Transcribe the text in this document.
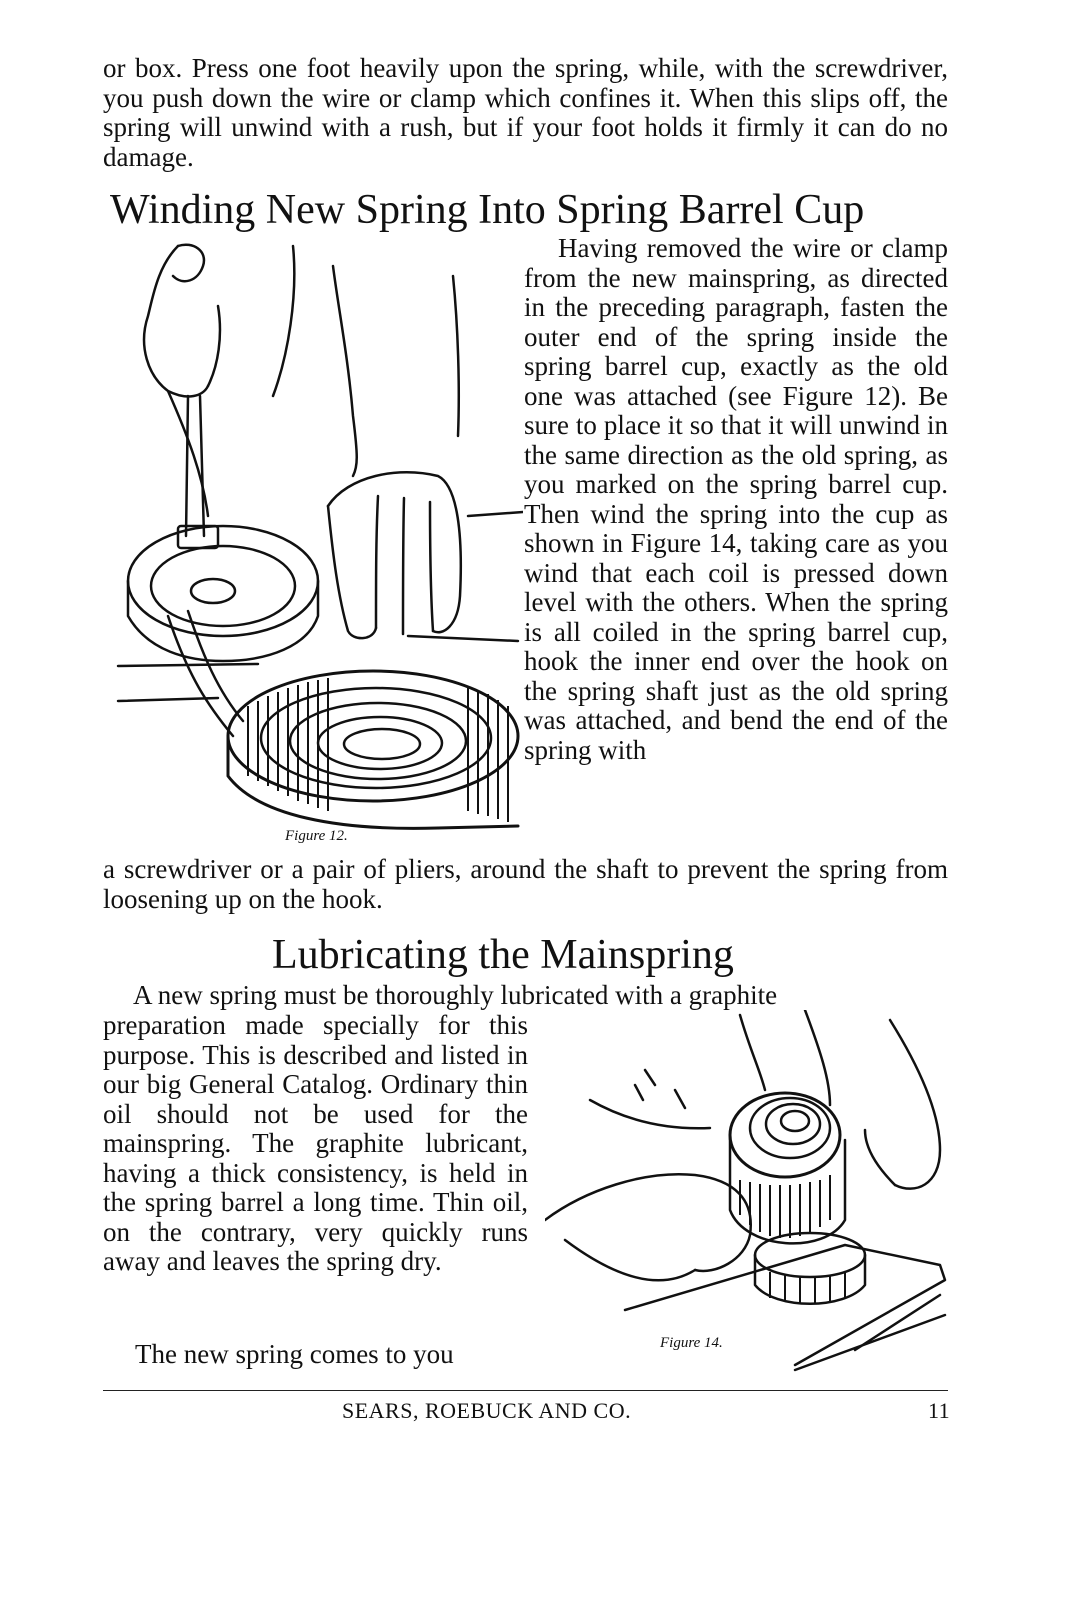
or box. Press one foot heavily upon the spring, while, with the screwdriver, you push down the wire or clamp which confines it. When this slips off, the spring will unwind with a rush, but if your foot holds it firmly it can do no damage.

Winding New Spring Into Spring Barrel Cup
Figure 12.

Having removed the wire or clamp from the new mainspring, as directed in the preceding paragraph, fasten the outer end of the spring inside the spring barrel cup, exactly as the old one was attached (see Figure 12). Be sure to place it so that it will unwind in the same direction as the old spring, as you marked on the spring barrel cup. Then wind the spring into the cup as shown in Figure 14, taking care as you wind that each coil is pressed down level with the others. When the spring is all coiled in the spring barrel cup, hook the inner end over the hook on the spring shaft just as the old spring was attached, and bend the end of the spring with

a screwdriver or a pair of pliers, around the shaft to prevent the spring from loosening up on the hook.

Lubricating the Mainspring

A new spring must be thoroughly lubricated with a graphite

preparation made specially for this purpose. This is described and listed in our big General Catalog. Ordinary thin oil should not be used for the mainspring. The graphite lubricant, having a thick consistency, is held in the spring barrel a long time. Thin oil, on the contrary, very quickly runs away and leaves the spring dry.

The new spring comes to you	Figure 14.
SEARS, ROEBUCK AND CO.	11
